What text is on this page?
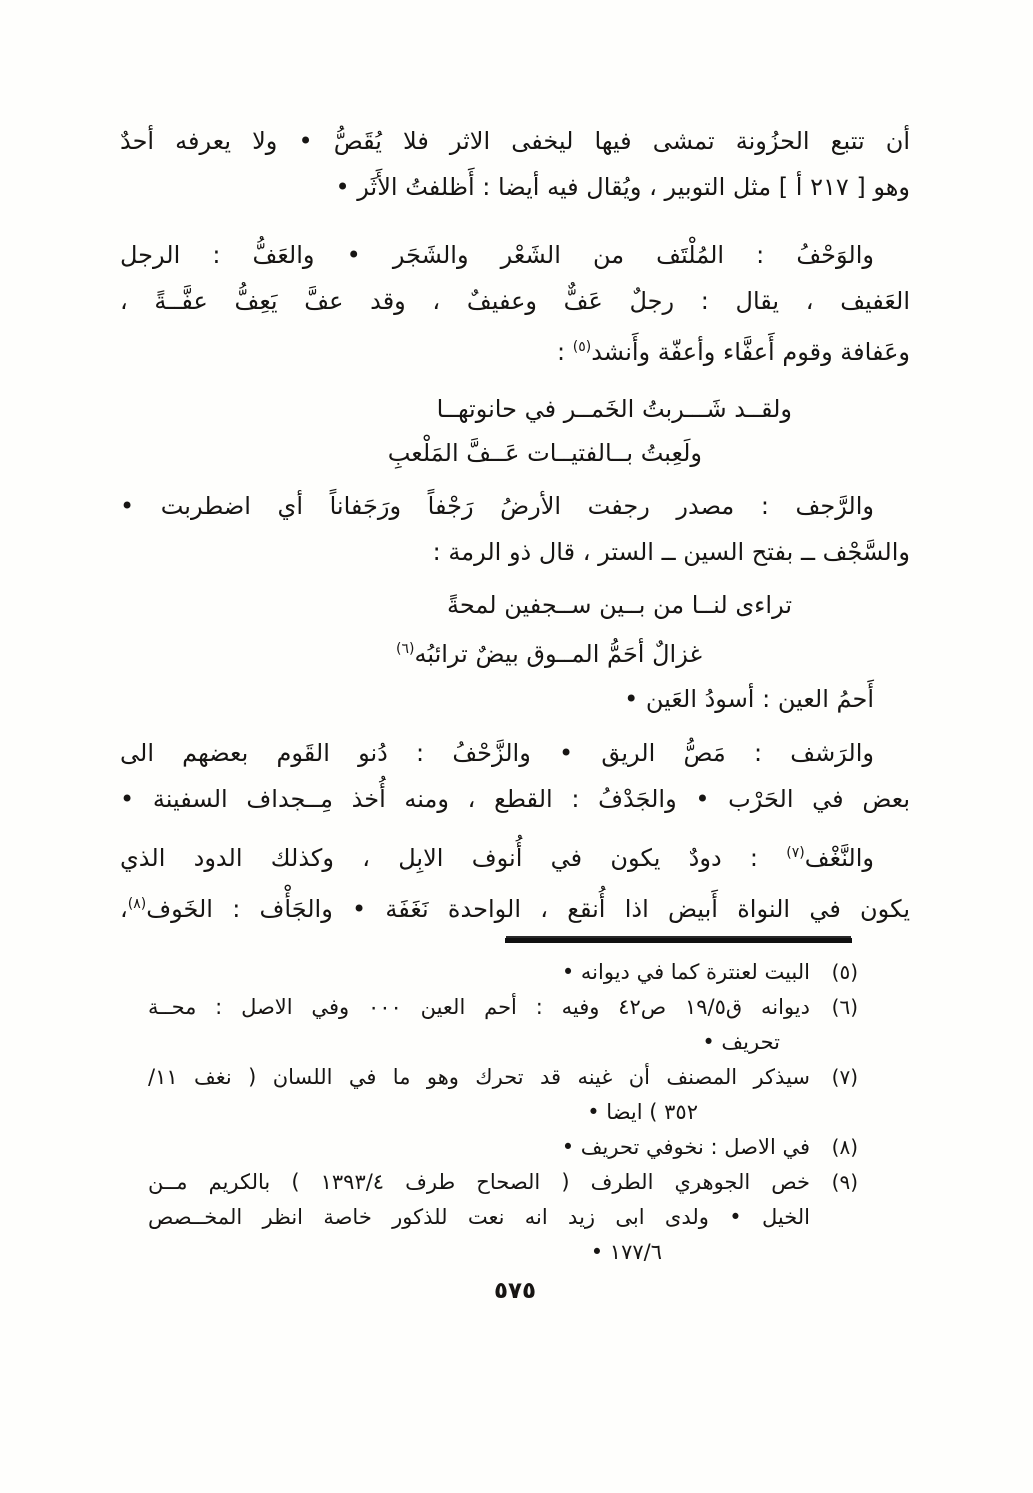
أن تتبع الحزُونة تمشى فيها ليخفى الاثر فلا يُقَصُّ • ولا يعرفه أحدٌ
وهو [ ٢١٧ أ ] مثل التوبير ، ويُقال فيه أيضا : أَظلفتُ الأَثَر •
والوَحْفُ : المُلْتَف من الشَعْر والشَجَر • والعَفُّ : الرجل
العَفيف ، يقال : رجلٌ عَفٌّ وعفيفٌ ، وقد عفَّ يَعِفُّ عفَّــةً ،
وعَفافة وقوم أَعفَّاء وأعفّة وأَنشد$^{(٥)}$ :
ولقــد شَـــربتُ الخَمــر في حانوتهــا
ولَعِبتُ بــالفتيــات عَــفَّ المَلْعبِ
والرَّجف : مصدر رجفت الأرضُ رَجْفاً ورَجَفاناً أي اضطربت •
والسَّجْف ــ بفتح السين ــ الستر ، قال ذو الرمة :
تراءى لنــا من بــين ســجفين لمحةً
غزالٌ أحَمُّ المــوق بيضٌ ترائبُه$^{(٦)}$
أَحمُ العين : أسودُ العَين •
والرَشف : مَصُّ الريق • والزَّحْفُ : دُنو القَوم بعضهم الى
بعض في الحَرْب • والجَدْفُ : القطع ، ومنه أُخذ مِــجداف السفينة •
والنَّغْف$^{(٧)}$ : دودٌ يكون في أُنوف الابِل ، وكذلك الدود الذي
يكون في النواة أَبيض اذا أُنقع ، الواحدة نَغَفَة • والجَأْف : الخَوف$^{(٨)}$،
(٥)
البيت لعنترة كما في ديوانه •
(٦)
ديوانه ق١٩/٥ ص٤٢ وفيه : أحم العين ٠٠٠ وفي الاصل : محــة
تحريف •
(٧)
سيذكر المصنف أن غينه قد تحرك وهو ما في اللسان ( نغف ١١/
٣٥٢ ) ايضا •
(٨)
في الاصل : نخوفي تحريف •
(٩)
خص الجوهري الطرف ( الصحاح طرف ١٣٩٣/٤ ) بالكريم مــن
الخيل • ولدى ابى زيد انه نعت للذكور خاصة انظر المخــصص
١٧٧/٦ •
٥٧٥
